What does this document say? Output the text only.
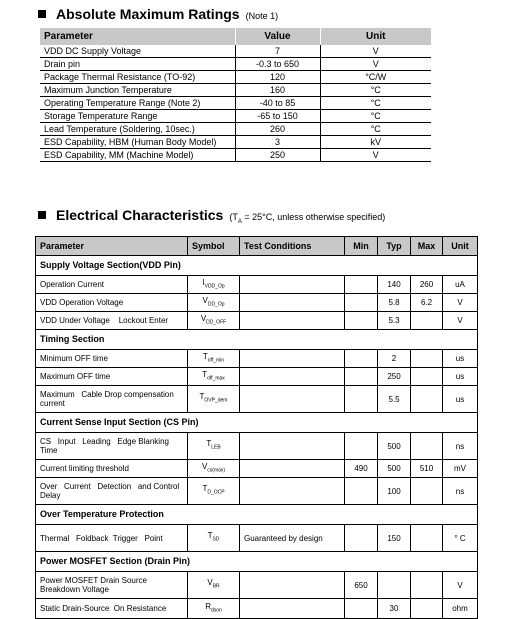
Absolute Maximum Ratings (Note 1)
Parameter	Value	Unit
VDD DC Supply Voltage	7	V
Drain pin	-0.3 to 650	V
Package Thermal Resistance (TO-92)	120	°C/W
Maximum Junction Temperature	160	°C
Operating Temperature Range (Note 2)	-40 to 85	°C
Storage Temperature Range	-65 to 150	°C
Lead Temperature (Soldering, 10sec.)	260	°C
ESD Capability, HBM (Human Body Model)	3	kV
ESD Capability, MM (Machine Model)	250	V
Electrical Characteristics ($T_A = 25^\circ C$, unless otherwise specified)
Parameter	Symbol	Test Conditions	Min	Typ	Max	Unit
Supply Voltage Section(VDD Pin)						
Operation Current	$I_{VDD\_Op}$			140	260	uA
VDD Operation Voltage	$V_{DD\_Op}$			5.8	6.2	V
VDD Under Voltage    Lockout Enter	$V_{DD\_OFF}$			5.3		V
Timing Section						
Minimum OFF time	$T_{off\_min}$			2		us
Maximum OFF time	$T_{off\_max}$			250		us
Maximum   Cable Drop compensation current	$T_{OVP\_dem}$			5.5		us
Current Sense Input Section (CS Pin)						
CS   Input   Leading   Edge Blanking Time	$T_{LEB}$			500		ns
Current limiting threshold	$V_{cs(max)}$		490	500	510	mV
Over   Current   Detection   and Control Delay	$T_{D\_OCP}$			100		ns
Over Temperature Protection						
Thermal   Foldback  Trigger   Point	$T_{SD}$	Guaranteed by design		150		° C
Power MOSFET Section (Drain Pin)						
Power MOSFET Drain Source Breakdown Voltage	$V_{BR}$		650			V
Static Drain-Source  On Resistance	$R_{dson}$			30		ohm
